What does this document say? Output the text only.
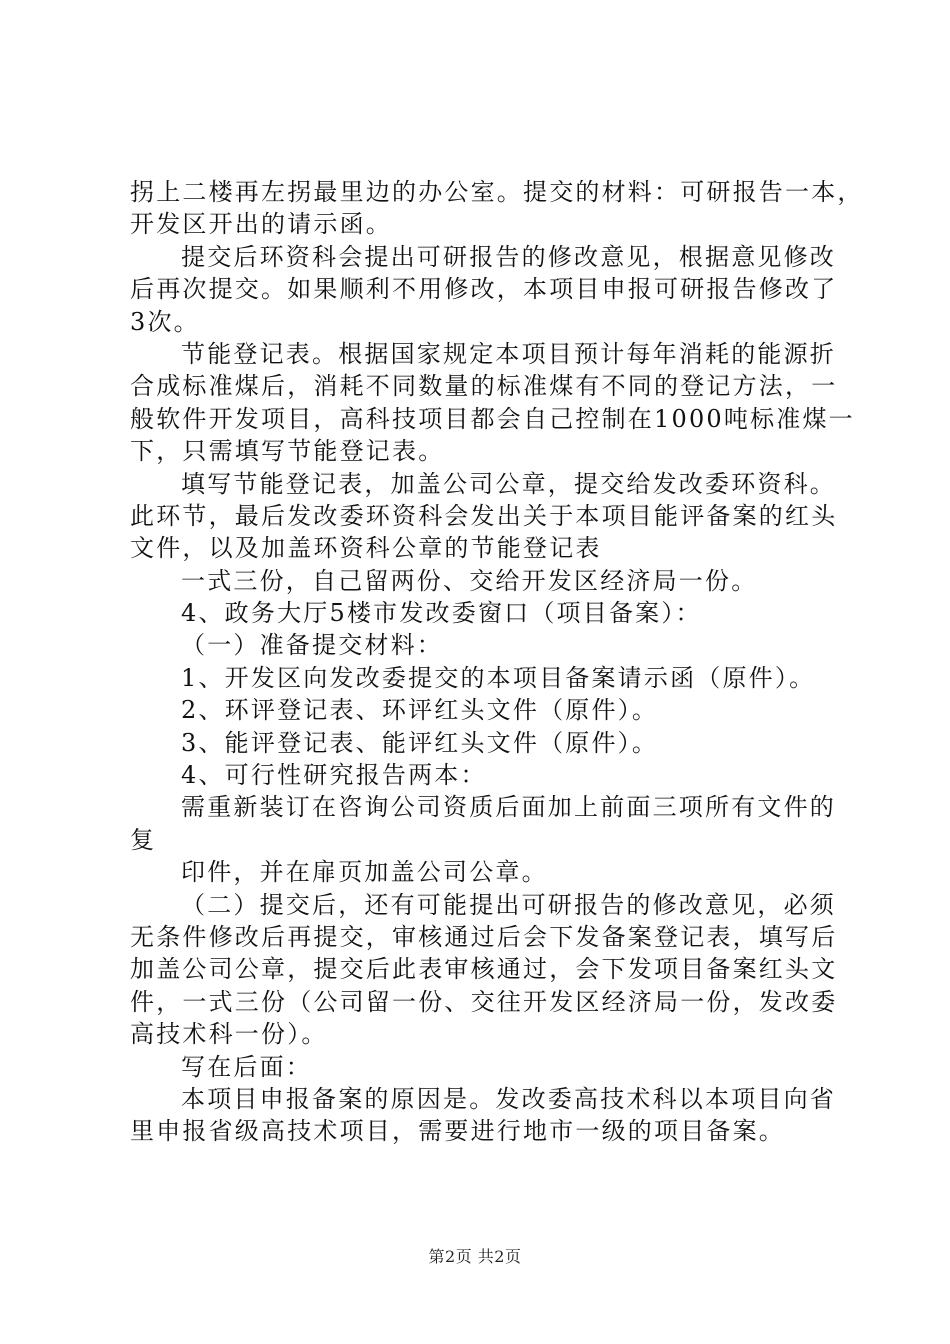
拐上二楼再左拐最里边的办公室。提交的材料：可研报告一本，
开发区开出的请示函。
提交后环资科会提出可研报告的修改意见，根据意见修改
后再次提交。如果顺利不用修改，本项目申报可研报告修改了
3次。
节能登记表。根据国家规定本项目预计每年消耗的能源折
合成标准煤后，消耗不同数量的标准煤有不同的登记方法，一
般软件开发项目，高科技项目都会自己控制在1000吨标准煤一
下，只需填写节能登记表。
填写节能登记表，加盖公司公章，提交给发改委环资科。
此环节，最后发改委环资科会发出关于本项目能评备案的红头
文件，以及加盖环资科公章的节能登记表
一式三份，自己留两份、交给开发区经济局一份。
4、政务大厅5楼市发改委窗口（项目备案）：
（一）准备提交材料：
1、开发区向发改委提交的本项目备案请示函（原件）。
2、环评登记表、环评红头文件（原件）。
3、能评登记表、能评红头文件（原件）。
4、可行性研究报告两本：
需重新装订在咨询公司资质后面加上前面三项所有文件的
复
印件，并在扉页加盖公司公章。
（二）提交后，还有可能提出可研报告的修改意见，必须
无条件修改后再提交，审核通过后会下发备案登记表，填写后
加盖公司公章，提交后此表审核通过，会下发项目备案红头文
件，一式三份（公司留一份、交往开发区经济局一份，发改委
高技术科一份）。
写在后面：
本项目申报备案的原因是。发改委高技术科以本项目向省
里申报省级高技术项目，需要进行地市一级的项目备案。
第2页 共2页
